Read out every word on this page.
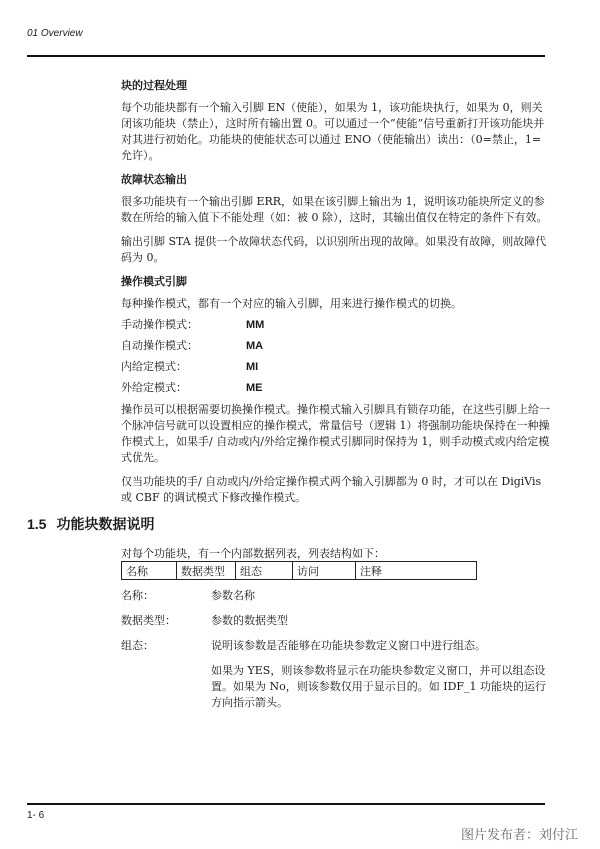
01 Overview
块的过程处理

每个功能块都有一个输入引脚 EN（使能），如果为 1，该功能块执行，如果为 0，则关闭该功能块（禁止），这时所有输出置 0。可以通过一个“使能”信号重新打开该功能块并对其进行初始化。功能块的使能状态可以通过 ENO（使能输出）读出：（0=禁止，1=允许）。

故障状态输出

很多功能块有一个输出引脚 ERR，如果在该引脚上输出为 1，说明该功能块所定义的参数在所给的输入值下不能处理（如：被 0 除），这时，其输出值仅在特定的条件下有效。

输出引脚 STA 提供一个故障状态代码，以识别所出现的故障。如果没有故障，则故障代码为 0。

操作模式引脚

每种操作模式，都有一个对应的输入引脚，用来进行操作模式的切换。

手动操作模式：	MM
自动操作模式：	MA
内给定模式：	MI
外给定模式：	ME

操作员可以根据需要切换操作模式。操作模式输入引脚具有锁存功能，在这些引脚上给一个脉冲信号就可以设置相应的操作模式，常量信号（逻辑 1）将强制功能块保持在一种操作模式上，如果手/ 自动或内/外给定操作模式引脚同时保持为 1，则手动模式或内给定模式优先。

仅当功能块的手/ 自动或内/外给定操作模式两个输入引脚都为 0 时，才可以在 DigiVis 或 CBF 的调试模式下修改操作模式。

1.5 功能块数据说明
对每个功能块，有一个内部数据列表，列表结构如下：
名称	数据类型	组态	访问	注释
名称：	参数名称
数据类型：	参数的数据类型
组态：	说明该参数是否能够在功能块参数定义窗口中进行组态。
如果为 YES，则该参数将显示在功能块参数定义窗口，并可以组态设置。如果为 No，则该参数仅用于显示目的。如 IDF_1 功能块的运行方向指示箭头。
1- 6
图片发布者：刘付江
